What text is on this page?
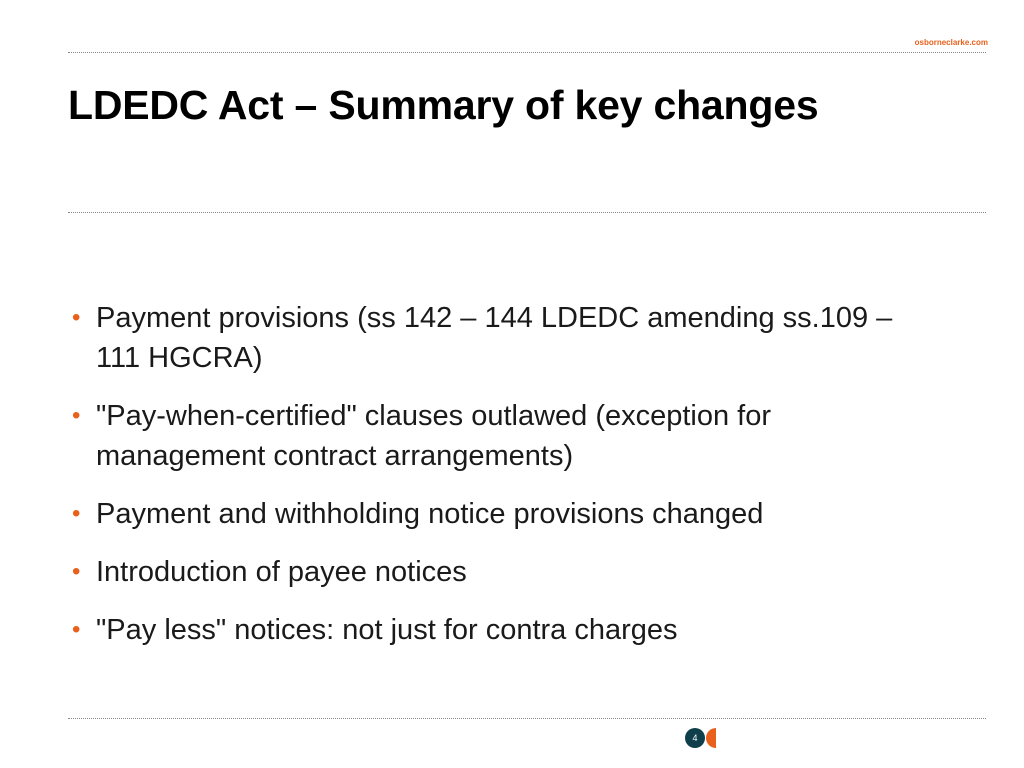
osborneclarke.com
LDEDC Act – Summary of key changes
• Payment provisions (ss 142 – 144 LDEDC amending ss.109 – 111 HGCRA)
• "Pay-when-certified" clauses outlawed (exception for management contract arrangements)
• Payment and withholding notice provisions changed
• Introduction of payee notices
• "Pay less" notices: not just for contra charges
4
